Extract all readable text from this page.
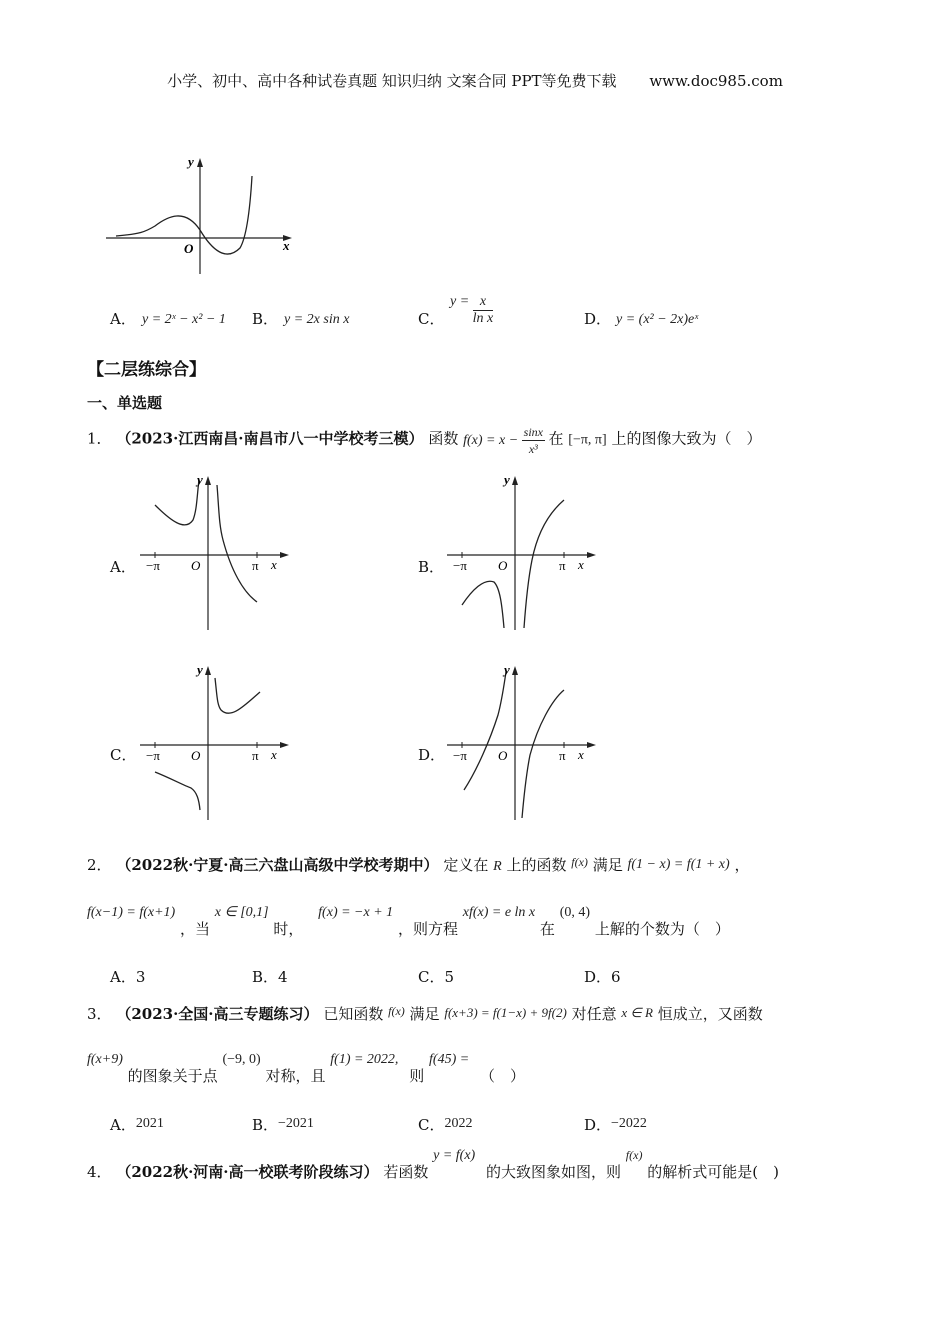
小学、初中、高中各种试卷真题 知识归纳 文案合同 PPT等免费下载 www.doc985.com
y
x
O
A． y = 2ˣ − x² − 1 B． y = 2x sin x	C．
$y = \frac{x}{\text{ln x}}$	D． y = (x² − 2x)eˣ
【二层练综合】
一、单选题
1． （2023·江西南昌·南昌市八一中学校考三模） 函数 $f(x) = x - \frac{\sin x}{\text{x³}}$ 在 [−π, π] 上的图像大致为（　）
A．
y
x
O
−π	π	B．
y
x
O
−π	π
C．
y
x
O
−π	π	D．
y
x
O
−π	π
2． （2022秋·宁夏·高三六盘山高级中学校考期中） 定义在 R 上的函数 $^{f(x)}$ 满足 f(1 − x) = f(1 + x) ，
f(x−1) = f(x+1) ，当 x ∈ [0,1] 时， f(x) = −x + 1 ，则方程 xf(x) = e ln x 在 (0, 4) 上解的个数为（　）
A．3	B．4	C．5	D．6
3． （2023·全国·高三专题练习） 已知函数 $^{f(x)}$ 满足 f(x+3) = f(1−x) + 9f(2) 对任意 x ∈ R 恒成立，又函数
f(x+9) 的图象关于点 (−9, 0) 对称，且 f(1) = 2022, 则 f(45) = （　）
A．2021	B．−2021	C．2022	D．−2022
4． （2022秋·河南·高一校联考阶段练习） 若函数 y = f(x) 的大致图象如图，则 $^{f(x)}$ 的解析式可能是(　)
